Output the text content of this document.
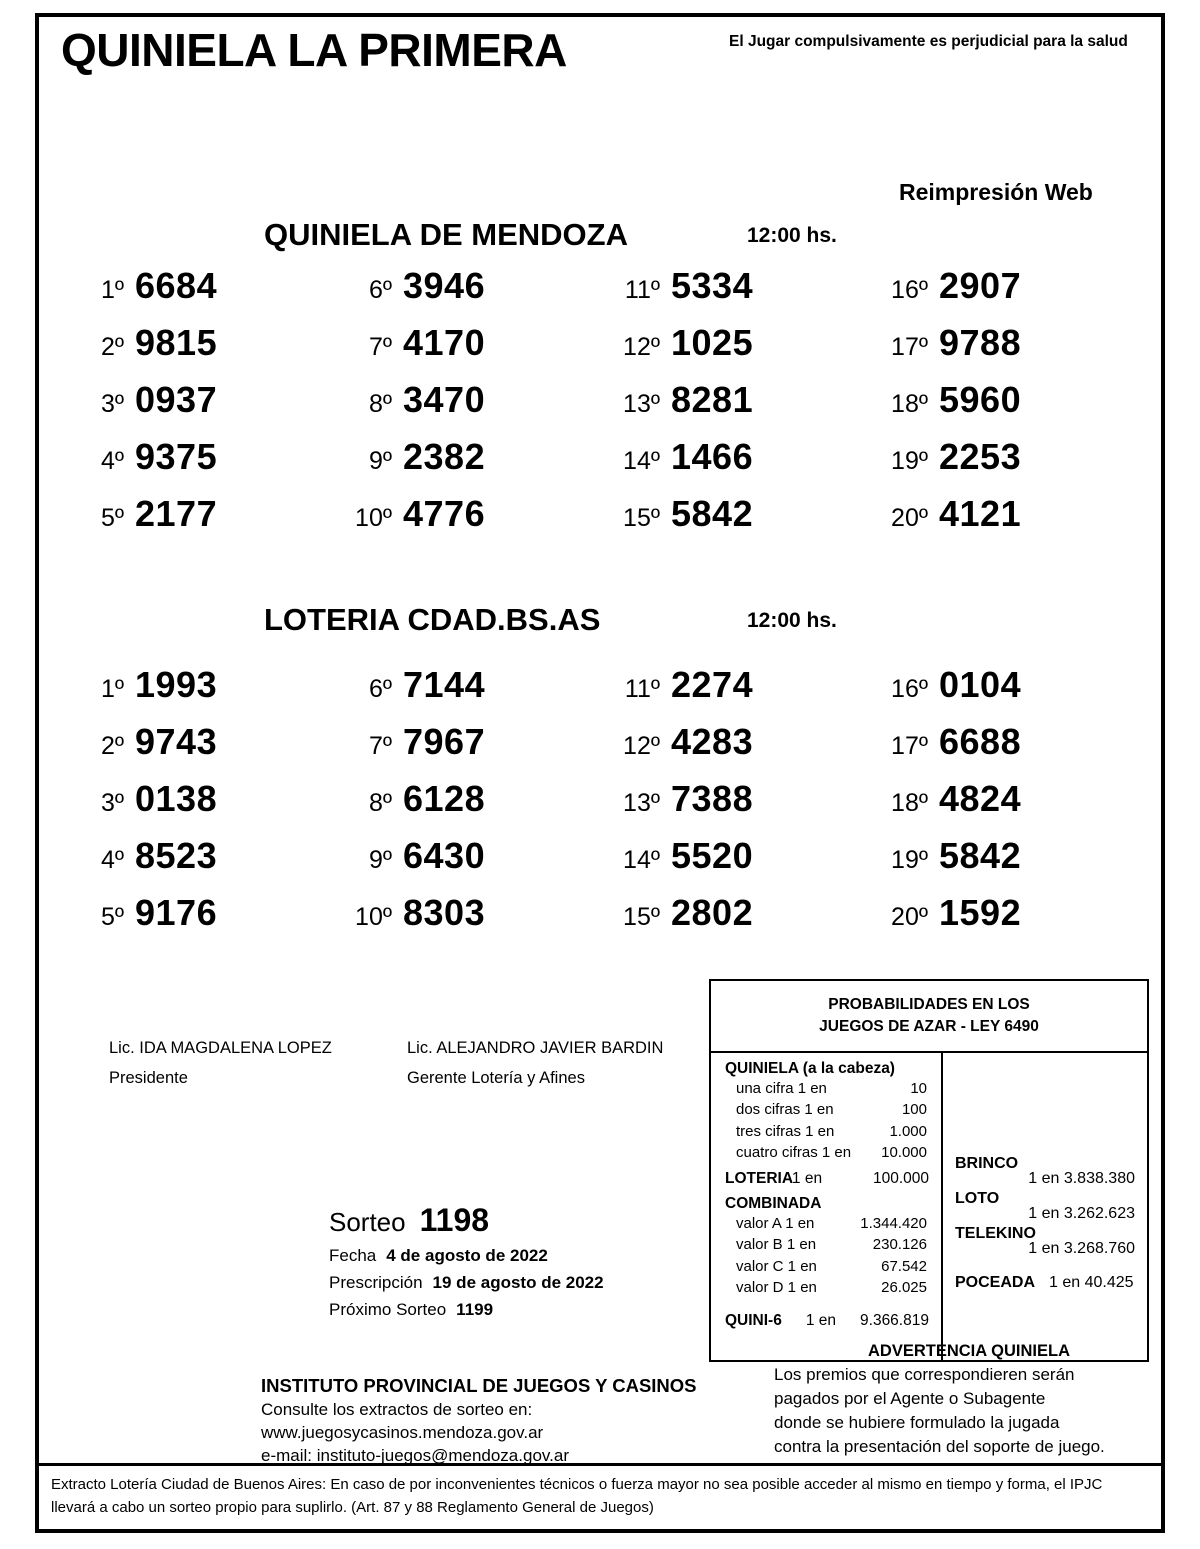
QUINIELA LA PRIMERA	El Jugar compulsivamente es perjudicial para la salud
Reimpresión Web
QUINIELA DE MENDOZA	12:00 hs.
1º 6684	6º 3946	11º 5334	16º 2907
2º 9815	7º 4170	12º 1025	17º 9788
3º 0937	8º 3470	13º 8281	18º 5960
4º 9375	9º 2382	14º 1466	19º 2253
5º 2177	10º 4776	15º 5842	20º 4121
LOTERIA CDAD.BS.AS	12:00 hs.
1º 1993	6º 7144	11º 2274	16º 0104
2º 9743	7º 7967	12º 4283	17º 6688
3º 0138	8º 6128	13º 7388	18º 4824
4º 8523	9º 6430	14º 5520	19º 5842
5º 9176	10º 8303	15º 2802	20º 1592
Lic. IDA MAGDALENA LOPEZ
Presidente
Lic. ALEJANDRO JAVIER BARDIN
Gerente Lotería y Afines
Sorteo 1198
Fecha 4 de agosto de 2022
Prescripción 19 de agosto de 2022
Próximo Sorteo 1199
PROBABILIDADES EN LOS
JUEGOS DE AZAR - LEY 6490
QUINIELA (a la cabeza)
una cifra 1 en	10
dos cifras 1 en	100
tres cifras 1 en	1.000
cuatro cifras 1 en 10.000
LOTERIA
1 en	100.000
COMBINADA
valor A 1 en	1.344.420
valor B 1 en	230.126
valor C 1 en	67.542
valor D 1 en	26.025
QUINI-6 1 en 9.366.819
BRINCO
1 en 3.838.380
LOTO
1 en 3.262.623
TELEKINO
1 en 3.268.760
POCEADA 1 en 40.425
INSTITUTO PROVINCIAL DE JUEGOS Y CASINOS
Consulte los extractos de sorteo en:
www.juegosycasinos.mendoza.gov.ar
e-mail: instituto-juegos@mendoza.gov.ar
ADVERTENCIA QUINIELA
Los premios que correspondieren serán
pagados por el Agente o Subagente
donde se hubiere formulado la jugada
contra la presentación del soporte de juego.
Extracto Lotería Ciudad de Buenos Aires: En caso de por inconvenientes técnicos o fuerza mayor no sea posible acceder al mismo en tiempo y forma, el IPJC llevará a cabo un sorteo propio para suplirlo. (Art. 87 y 88 Reglamento General de Juegos)
